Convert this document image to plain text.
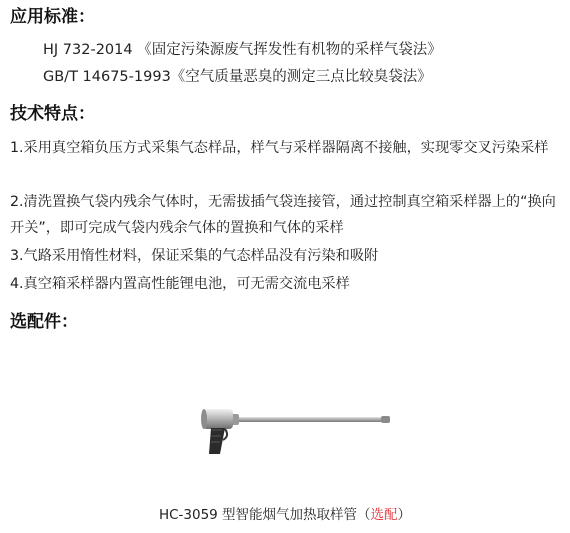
应用标准：
HJ 732-2014 《固定污染源废气挥发性有机物的采样气袋法》
GB/T 14675-1993《空气质量恶臭的测定三点比较臭袋法》
技术特点：
1.采用真空箱负压方式采集气态样品，样气与采样器隔离不接触，实现零交叉污染采样
2.清洗置换气袋内残余气体时，无需拔插气袋连接管，通过控制真空箱采样器上的“换向开关”，即可完成气袋内残余气体的置换和气体的采样
3.气路采用惰性材料，保证采集的气态样品没有污染和吸附
4.真空箱采样器内置高性能锂电池，可无需交流电采样
选配件：
HC-3059 型智能烟气加热取样管（选配）
